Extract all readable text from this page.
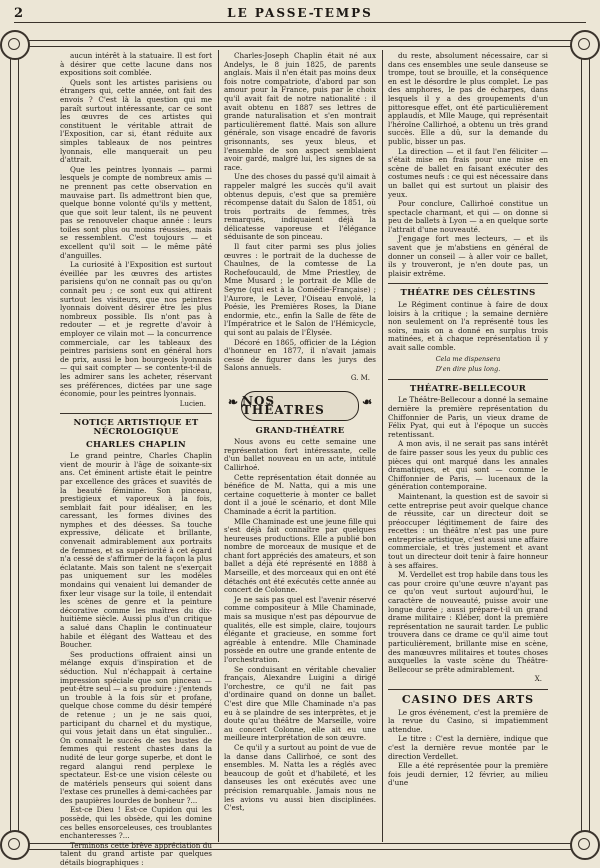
2	LE PASSE-TEMPS

aucun intérêt à la statuaire. Il est fort à désirer que cette lacune dans nos expositions soit comblée.

Quels sont les artistes parisiens ou étrangers qui, cette année, ont fait des envois ? C'est là la question qui me paraît surtout intéressante, car ce sont les œuvres de ces artistes qui constituent le véritable attrait de l'Exposition, car si, étant réduite aux simples tableaux de nos peintres lyonnais, elle manquerait un peu d'attrait.

Que les peintres lyonnais — parmi lesquels je compte de nombreux amis — ne prennent pas cette observation en mauvaise part. Ils admettront bien que, quelque bonne volonté qu'ils y mettent, que que soit leur talent, ils ne peuvent pas se renouveler chaque année : leurs toiles sont plus ou moins réussies, mais se ressemblent. C'est toujours — et excellent qu'il soit — le même pâté d'anguilles.

La curiosité à l'Exposition est surtout éveillée par les œuvres des artistes parisiens qu'on ne connaît pas ou qu'on connaît peu ; ce sont eux qui attirent surtout les visiteurs, que nos peintres lyonnais doivent désirer être les plus nombreux possible. Ils n'ont pas à redouter — et je regrette d'avoir à employer ce vilain mot — la concurrence commerciale, car les tableaux des peintres parisiens sont en général hors de prix, aussi le bon bourgeois lyonnais — qui sait compter — se contente-t-il de les admirer sans les acheter, réservant ses préférences, dictées par une sage économie, pour les peintres lyonnais.

Lucien.
NOTICE ARTISTIQUE ET NÉCROLOGIQUE
CHARLES CHAPLIN

Le grand peintre, Charles Chaplin vient de mourir à l'âge de soixante-six ans. Cet éminent artiste était le peintre par excellence des grâces et suavités de la beauté féminine. Son pinceau, prestigieux et vaporeux à la fois, semblait fait pour idéaliser, en les caressant, les formes divines des nymphes et des déesses. Sa touche expressive, délicate et brillante, convenait admirablement aux portraits de femmes, et sa supériorité à cet égard n'a cessé de s'affirmer de la façon la plus éclatante. Mais son talent ne s'exerçait pas uniquement sur les modèles mondains qui venaient lui demander de fixer leur visage sur la toile, il entendait les scènes de genre et la peinture décorative comme les maîtres du dix-huitième siècle. Aussi plus d'un critique a salué dans Chaplin le continuateur habile et élégant des Watteau et des Boucher.

Ses productions offraient ainsi un mélange exquis d'inspiration et de séduction. Nul n'échappait à certaine impression spéciale que son pinceau — peut-être seul — a su produire : j'entends un trouble à la fois sûr et profane, quelque chose comme du désir tempéré de retenue ; un je ne sais quoi, participant du charnel et du mystique, qui vous jetait dans un état singulier... On connaît le succès de ses bustes de femmes qui restent chastes dans la nudité de leur gorge superbe, et dont le regard alangui rend perplexe le spectateur. Est-ce une vision céleste ou de matériels penseurs qui soient dans l'extase ces prunelles à demi-cachées par des paupières lourdes de bonheur ?...

Est-ce Dieu ! Est-ce Cupidon qui les possède, qui les obsède, qui les domine ces belles ensorceleuses, ces troublantes enchanteresses ?...

Terminons cette brève appréciation du talent du grand artiste par quelques détails biographiques :

Charles-Joseph Chaplin était né aux Andelys, le 8 juin 1825, de parents anglais. Mais il n'en était pas moins deux fois notre compatriote, d'abord par son amour pour la France, puis par le choix qu'il avait fait de notre nationalité : il avait obtenu en 1887 ses lettres de grande naturalisation et s'en montrait particulièrement flatté. Mais son allure générale, son visage encadré de favoris grisonnants, ses yeux bleus, et l'ensemble de son aspect semblaient avoir gardé, malgré lui, les signes de sa race.

Une des choses du passé qu'il aimait à rappeler malgré les succès qu'il avait obtenus depuis, c'est que sa première récompense datait du Salon de 1851, où trois portraits de femmes, très remarqués, indiquaient déjà la délicatesse vaporeuse et l'élégance séduisante de son pinceau.

Il faut citer parmi ses plus jolies œuvres : le portrait de la duchesse de Chaulnes, de la comtesse de La Rochefoucauld, de Mme Priestley, de Mme Musard ; le portrait de Mlle de Seyne (qui est à la Comédie-Française) ; l'Aurore, le Lever, l'Oiseau envolé, la Poésie, les Premières Roses, la Diane endormie, etc., enfin la Salle de fête de l'Impératrice et le Salon de l'Hémicycle, qui sont au palais de l'Élysée.

Décoré en 1865, officier de la Légion d'honneur en 1877, il n'avait jamais cessé de figurer dans les jurys des Salons annuels.

G. M.
❧ NOS THÉATRES ❧
GRAND-THÉATRE

Nous avons eu cette semaine une représentation fort intéressante, celle d'un ballet nouveau en un acte, intitulé Callirhoé.

Cette représentation était donnée au bénéfice de M. Natta, qui a mis une certaine coquetterie à monter ce ballet dont il a joué le scénario, et dont Mlle Chaminade a écrit la partition.

Mlle Chaminade est une jeune fille qui s'est déjà fait connaître par quelques heureuses productions. Elle a publié bon nombre de morceaux de musique et de chant fort appréciés des amateurs, et son ballet a déjà été représenté en 1888 à Marseille, et des morceaux qui en ont été détachés ont été exécutés cette année au concert de Colonne.

Je ne sais pas quel est l'avenir réservé comme compositeur à Mlle Chaminade, mais sa musique n'est pas dépourvue de qualités, elle est simple, claire, toujours élégante et gracieuse, en somme fort agréable à entendre. Mlle Chaminade possède en outre une grande entente de l'orchestration.

Se conduisant en véritable chevalier français, Alexandre Luigini a dirigé l'orchestre, ce qu'il ne fait pas d'ordinaire quand on donne un ballet. C'est dire que Mlle Chaminade n'a pas eu à se plaindre de ses interprètes, et je doute qu'au théâtre de Marseille, voire au concert Colonne, elle ait eu une meilleure interprétation de son œuvre.

Ce qu'il y a surtout au point de vue de la danse dans Callirhoé, ce sont des ensembles. M. Natta les a réglés avec beaucoup de goût et d'habileté, et les danseuses les ont exécutés avec une précision remarquable. Jamais nous ne les avions vu aussi bien disciplinées. C'est,

du reste, absolument nécessaire, car si dans ces ensembles une seule danseuse se trompe, tout se brouille, et la conséquence en est le désordre le plus complet. Le pas des amphores, le pas de écharpes, dans lesquels il y a des groupements d'un pittoresque effet, ont été particulièrement applaudis, et Mlle Mauge, qui représentait l'héroïne Callirhoé, a obtenu un très grand succès. Elle a dû, sur la demande du public, bisser un pas.

La direction — et il faut l'en féliciter — s'était mise en frais pour une mise en scène de ballet en faisant exécuter des costumes neufs : ce qui est nécessaire dans un ballet qui est surtout un plaisir des yeux.

Pour conclure, Callirhoé constitue un spectacle charmant, et qui — on donne si peu de ballets à Lyon — a en quelque sorte l'attrait d'une nouveauté.

J'engage fort mes lecteurs, — et ils savent que je m'abstiens en général de donner un conseil — à aller voir ce ballet, ils y trouveront, je n'en doute pas, un plaisir extrême.

THÉATRE DES CÉLESTINS

Le Régiment continue à faire de doux loisirs à la critique ; la semaine dernière non seulement on l'a représenté tous les soirs, mais on a donné en surplus trois matinées, et à chaque représentation il y avait salle comble.

Cela me dispensera
D'en dire plus long.
THÉATRE-BELLECOUR

Le Théâtre-Bellecour a donné la semaine dernière la première représentation du Chiffonnier de Paris, un vieux drame de Félix Pyat, qui eut à l'époque un succès retentissant.

A mon avis, il ne serait pas sans intérêt de faire passer sous les yeux du public ces pièces qui ont marqué dans les annales dramatiques, et qui sont — comme le Chiffonnier de Paris, — lucenaux de la génération contemporaine.

Maintenant, la question est de savoir si cette entreprise peut avoir quelque chance de réussite, car un directeur doit se préoccuper légitimement de faire des recettes : un théâtre n'est pas une pure entreprise artistique, c'est aussi une affaire commerciale, et très justement et avant tout un directeur doit tenir à faire honneur à ses affaires.

M. Verdellet est trop habile dans tous les cas pour croire qu'une œuvre n'ayant pas ce qu'on veut surtout aujourd'hui, le caractère de nouveauté, puisse avoir une longue durée ; aussi prépare-t-il un grand drame militaire : Kléber, dont la première représentation ne saurait tarder. Le public trouvera dans ce drame ce qu'il aime tout particulièrement, brillante mise en scène, des manœuvres militaires et toutes choses auxquelles la vaste scène du Théâtre-Bellecour se prête admirablement.

X.
CASINO DES ARTS

Le gros événement, c'est la première de la revue du Casino, si impatiemment attendue.

Le titre : C'est la dernière, indique que c'est la dernière revue montée par le direction Verdellet.

Elle a été représentée pour la première fois jeudi dernier, 12 février, au milieu d'une
